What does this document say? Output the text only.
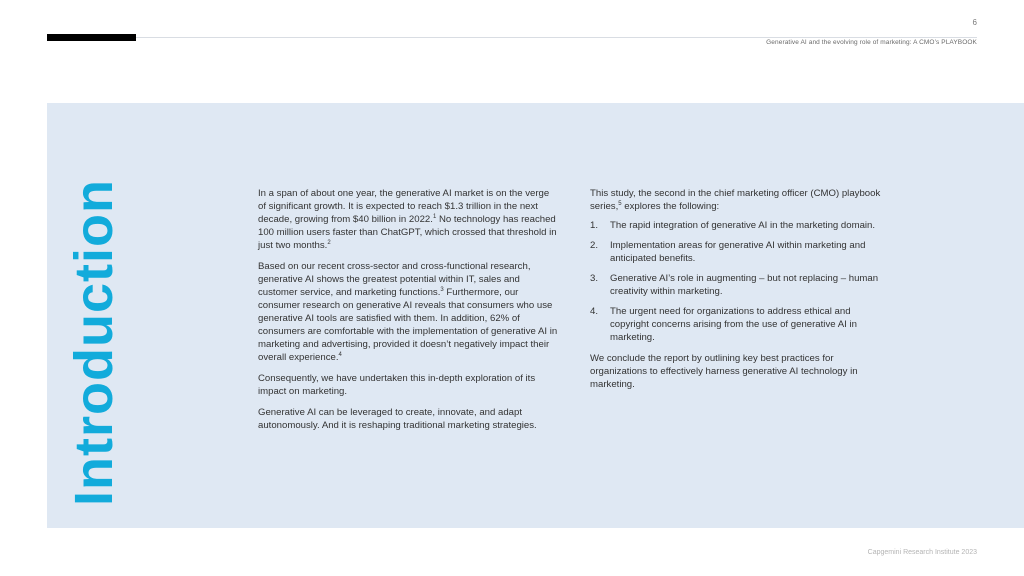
6
Generative AI and the evolving role of marketing: A CMO’s PLAYBOOK
Introduction	In a span of about one year, the generative AI market is on the verge of significant growth. It is expected to reach $1.3 trillion in the next decade, growing from $40 billion in 2022.$^1$ No technology has reached 100 million users faster than ChatGPT, which crossed that threshold in just two months.$^2$

Based on our recent cross-sector and cross-functional research, generative AI shows the greatest potential within IT, sales and customer service, and marketing functions.$^3$ Furthermore, our consumer research on generative AI reveals that consumers who use generative AI tools are satisfied with them. In addition, 62% of consumers are comfortable with the implementation of generative AI in marketing and advertising, provided it doesn’t negatively impact their overall experience.$^4$

Consequently, we have undertaken this in-depth exploration of its impact on marketing.

Generative AI can be leveraged to create, innovate, and adapt autonomously. And it is reshaping traditional marketing strategies.

This study, the second in the chief marketing officer (CMO) playbook series,$^5$ explores the following:

1. The rapid integration of generative AI in the marketing domain.
2. Implementation areas for generative AI within marketing and anticipated benefits.
3. Generative AI’s role in augmenting – but not replacing – human creativity within marketing.
4. The urgent need for organizations to address ethical and copyright concerns arising from the use of generative AI in marketing.

We conclude the report by outlining key best practices for organizations to effectively harness generative AI technology in marketing.

Capgemini Research Institute 2023
